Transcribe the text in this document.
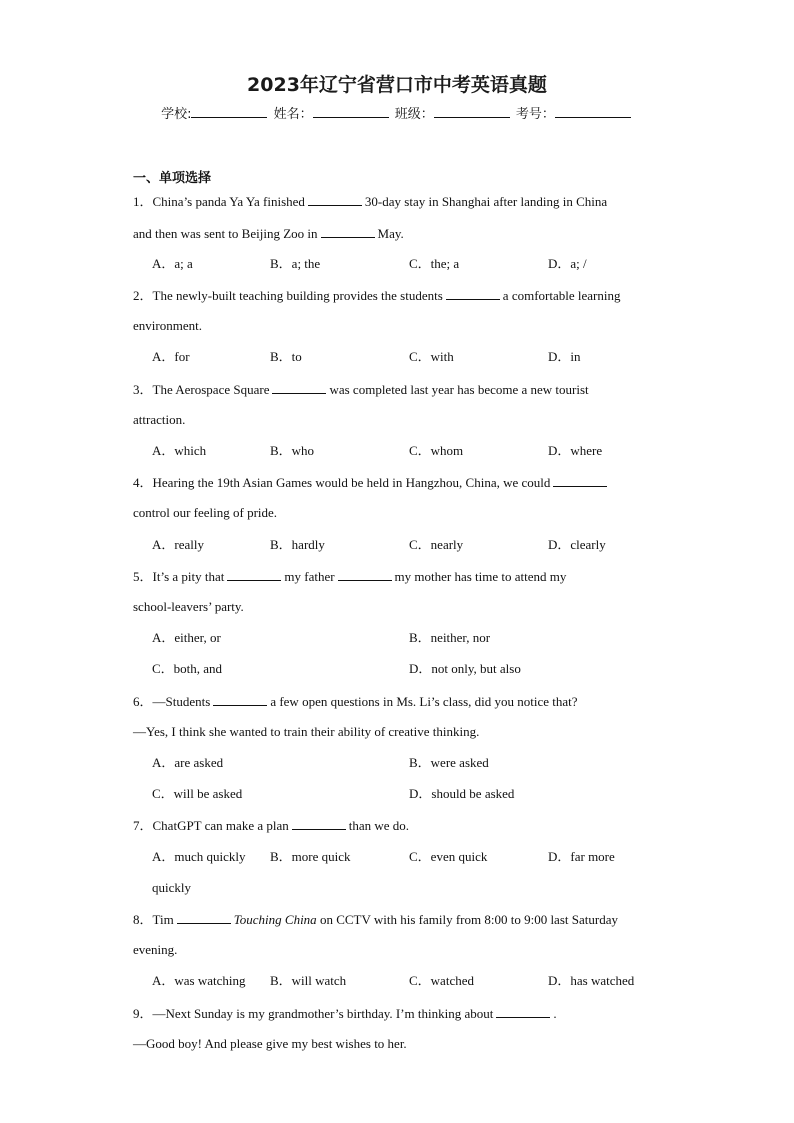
2023年辽宁省营口市中考英语真题
学校:	姓名：	班级：	考号：
一、单项选择
1．China’s panda Ya Ya finished	30-day stay in Shanghai after landing in China
and then was sent to Beijing Zoo in	May.
A．a; a	B．a; the	C．the; a	D．a; /
2．The newly-built teaching building provides the students	a comfortable learning
environment.
A．for	B．to	C．with	D．in
3．The Aerospace Square	was completed last year has become a new tourist
attraction.
A．which	B．who	C．whom	D．where
4．Hearing the 19th Asian Games would be held in Hangzhou, China, we could
control our feeling of pride.
A．really	B．hardly	C．nearly	D．clearly
5．It’s a pity that	my father	my mother has time to attend my
school-leavers’ party.
A．either, or	B．neither, nor
C．both, and	D．not only, but also
6．—Students	a few open questions in Ms. Li’s class, did you notice that?
—Yes, I think she wanted to train their ability of creative thinking.
A．are asked	B．were asked
C．will be asked	D．should be asked
7．ChatGPT can make a plan	than we do.
A．much quickly B．more quick	C．even quick	D．far more
quickly
8．Tim	Touching China on CCTV with his family from 8:00 to 9:00 last Saturday
evening.
A．was watching B．will watch	C．watched	D．has watched
9．—Next Sunday is my grandmother’s birthday. I’m thinking about	.
—Good boy! And please give my best wishes to her.
